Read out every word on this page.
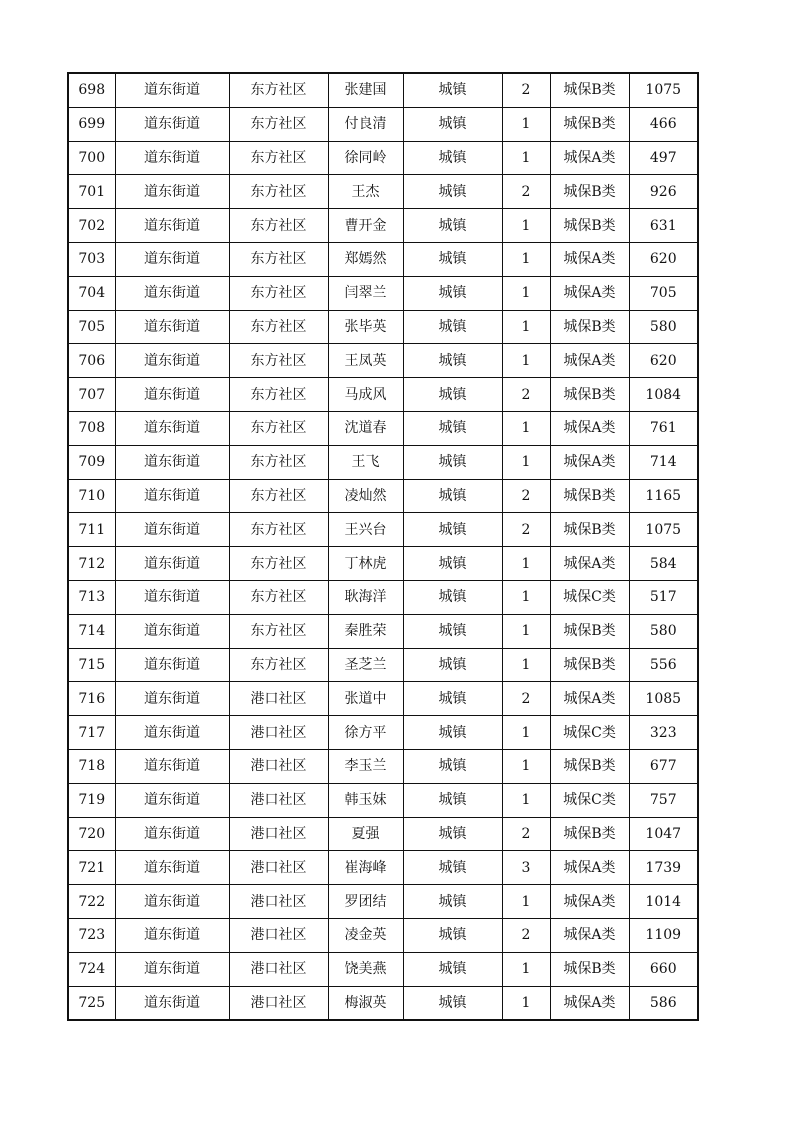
698	道东街道	东方社区	张建国	城镇	2	城保B类	1075
699	道东街道	东方社区	付良清	城镇	1	城保B类	466
700	道东街道	东方社区	徐同岭	城镇	1	城保A类	497
701	道东街道	东方社区	王杰	城镇	2	城保B类	926
702	道东街道	东方社区	曹开金	城镇	1	城保B类	631
703	道东街道	东方社区	郑嫣然	城镇	1	城保A类	620
704	道东街道	东方社区	闫翠兰	城镇	1	城保A类	705
705	道东街道	东方社区	张毕英	城镇	1	城保B类	580
706	道东街道	东方社区	王凤英	城镇	1	城保A类	620
707	道东街道	东方社区	马成风	城镇	2	城保B类	1084
708	道东街道	东方社区	沈道春	城镇	1	城保A类	761
709	道东街道	东方社区	王飞	城镇	1	城保A类	714
710	道东街道	东方社区	凌灿然	城镇	2	城保B类	1165
711	道东街道	东方社区	王兴台	城镇	2	城保B类	1075
712	道东街道	东方社区	丁林虎	城镇	1	城保A类	584
713	道东街道	东方社区	耿海洋	城镇	1	城保C类	517
714	道东街道	东方社区	秦胜荣	城镇	1	城保B类	580
715	道东街道	东方社区	圣芝兰	城镇	1	城保B类	556
716	道东街道	港口社区	张道中	城镇	2	城保A类	1085
717	道东街道	港口社区	徐方平	城镇	1	城保C类	323
718	道东街道	港口社区	李玉兰	城镇	1	城保B类	677
719	道东街道	港口社区	韩玉妹	城镇	1	城保C类	757
720	道东街道	港口社区	夏强	城镇	2	城保B类	1047
721	道东街道	港口社区	崔海峰	城镇	3	城保A类	1739
722	道东街道	港口社区	罗团结	城镇	1	城保A类	1014
723	道东街道	港口社区	凌金英	城镇	2	城保A类	1109
724	道东街道	港口社区	饶美燕	城镇	1	城保B类	660
725	道东街道	港口社区	梅淑英	城镇	1	城保A类	586
